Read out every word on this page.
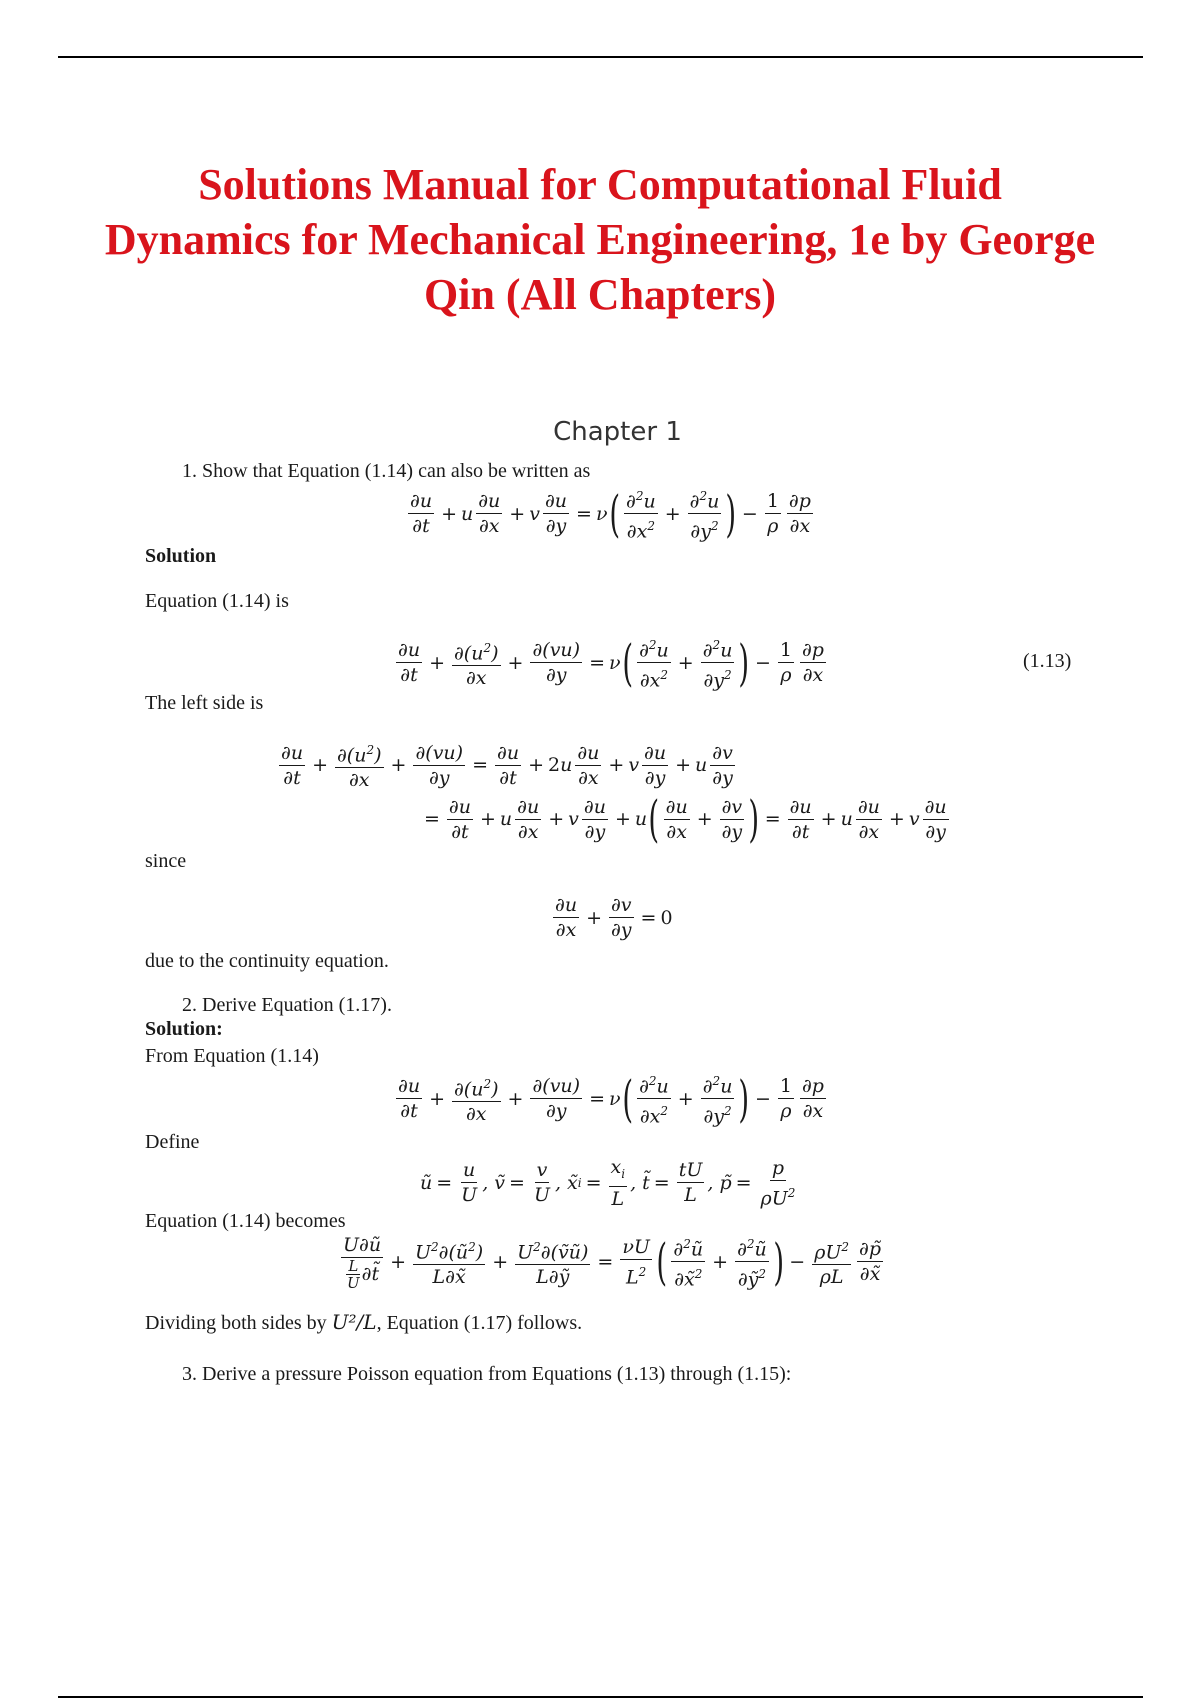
Solutions Manual for Computational Fluid Dynamics for Mechanical Engineering, 1e by George Qin (All Chapters)
Chapter 1
1. Show that Equation (1.14) can also be written as
∂u
∂t
+ u $\frac{\partial u}{\partial x} + v \frac{\partial u}{\partial y} = \nu$ ( ∂$^2$u
$\partial x^2$
+ $\frac{\partial^2u}{\partial y^2}$ ) − $\frac{1}{\rho} \partial p$
∂x
Solution
Equation (1.14) is
∂u
∂t
+ $\frac{\partial(u^2)}{\partial x} + \frac{\partial(vu)}{\partial y} = \nu$ ( ∂$^2$u
$\partial x^2$
+ $\frac{\partial^2u}{\partial y^2}$ ) − $\frac{1}{\rho} \partial p$
∂x
(1.13)
The left side is
∂u
∂t
+ $\frac{\partial(u^2)}{\partial x} + \frac{\partial(vu)}{\partial y} = \frac{\partial u}{\partial t} + 2$ u
∂u
∂x
+ v $\frac{\partial u}{\partial y} + u \frac{\partial v}{\partial y}$
= $\frac{\partial u}{\partial t} + u \frac{\partial u}{\partial x} + v \frac{\partial u}{\partial y} + u$ ( ∂u
∂x
+ $\frac{\partial v}{\partial y}$ ) = $\frac{\partial u}{\partial t} + u \frac{\partial u}{\partial x} + v \frac{\partial u}{\partial y}$
since
∂u
∂x
+ $\frac{\partial v}{\partial y} = 0$
due to the continuity equation.
2. Derive Equation (1.17).
Solution:
From Equation (1.14)
∂u
∂t
+ $\frac{\partial(u^2)}{\partial x} + \frac{\partial(vu)}{\partial y} = \nu$ ( ∂$^2$u
$\partial x^2$
+ $\frac{\partial^2u}{\partial y^2}$ ) − $\frac{1}{\rho} \partial p$
∂x
Define
ũ = $\frac{u}{U}$ , ṽ = $\frac{v}{U}$ , x̃ $i = \frac{x_i}{L}$ , t̃ = $\frac{tU}{L}$ , p̃ = $\frac{p}{\rho U^2}$
Equation (1.14) becomes
U∂ũ
L
U ∂t̃
+ $\frac{U^2\partial(ũ^2)}{L\partial x̃} + \frac{U^2\partial(ṽũ)}{\text{L∂ỹ}} = \frac{\nu U}{L^2}$ ( ∂$^2$ũ
∂x̃$^2$
+ $\frac{\partial^2ũ}{\partial ỹ^2}$ ) − $\frac{\rho U^2}{\rho L}$ ∂p̃
∂x̃
Dividing both sides by U²/L, Equation (1.17) follows.
3. Derive a pressure Poisson equation from Equations (1.13) through (1.15):
